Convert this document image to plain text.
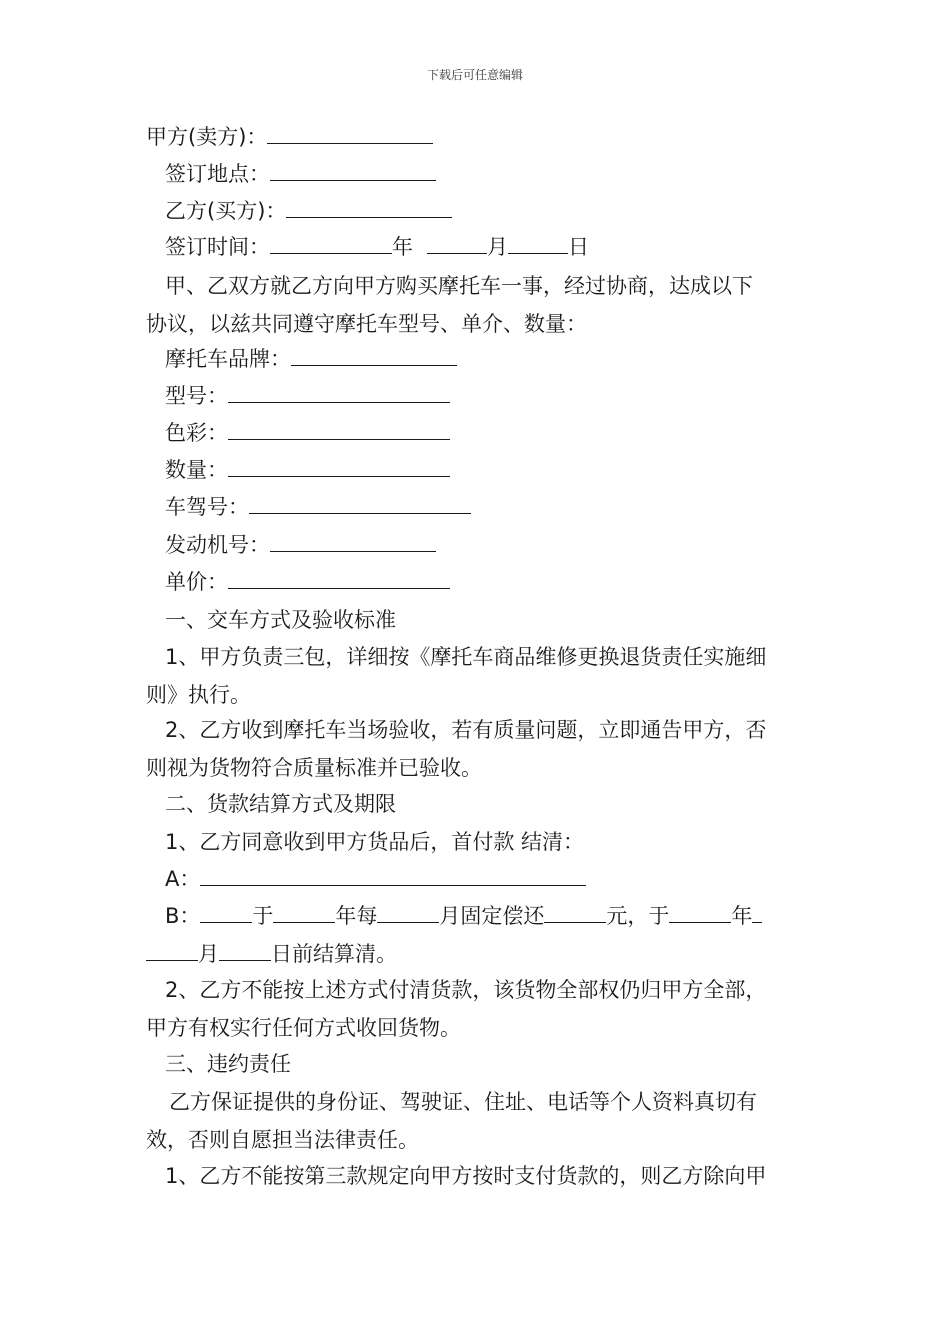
下载后可任意编辑
甲方(卖方)：
签订地点：
乙方(买方)：
签订时间：	年	月	日
甲、乙双方就乙方向甲方购买摩托车一事，经过协商，达成以下
协议，以兹共同遵守摩托车型号、单介、数量：
摩托车品牌：
型号：
色彩：
数量：
车驾号：
发动机号：
单价：
一、交车方式及验收标准
1、甲方负责三包，详细按《摩托车商品维修更换退货责任实施细
则》执行。
2、乙方收到摩托车当场验收，若有质量问题，立即通告甲方，否
则视为货物符合质量标准并已验收。
二、货款结算方式及期限
1、乙方同意收到甲方货品后，首付款 结清：
A：
B： 于	年每	月固定偿还	元，于	年
月 日前结算清。
2、乙方不能按上述方式付清货款，该货物全部权仍归甲方全部，
甲方有权实行任何方式收回货物。
三、违约责任
乙方保证提供的身份证、驾驶证、住址、电话等个人资料真切有
效，否则自愿担当法律责任。
1、乙方不能按第三款规定向甲方按时支付货款的，则乙方除向甲
